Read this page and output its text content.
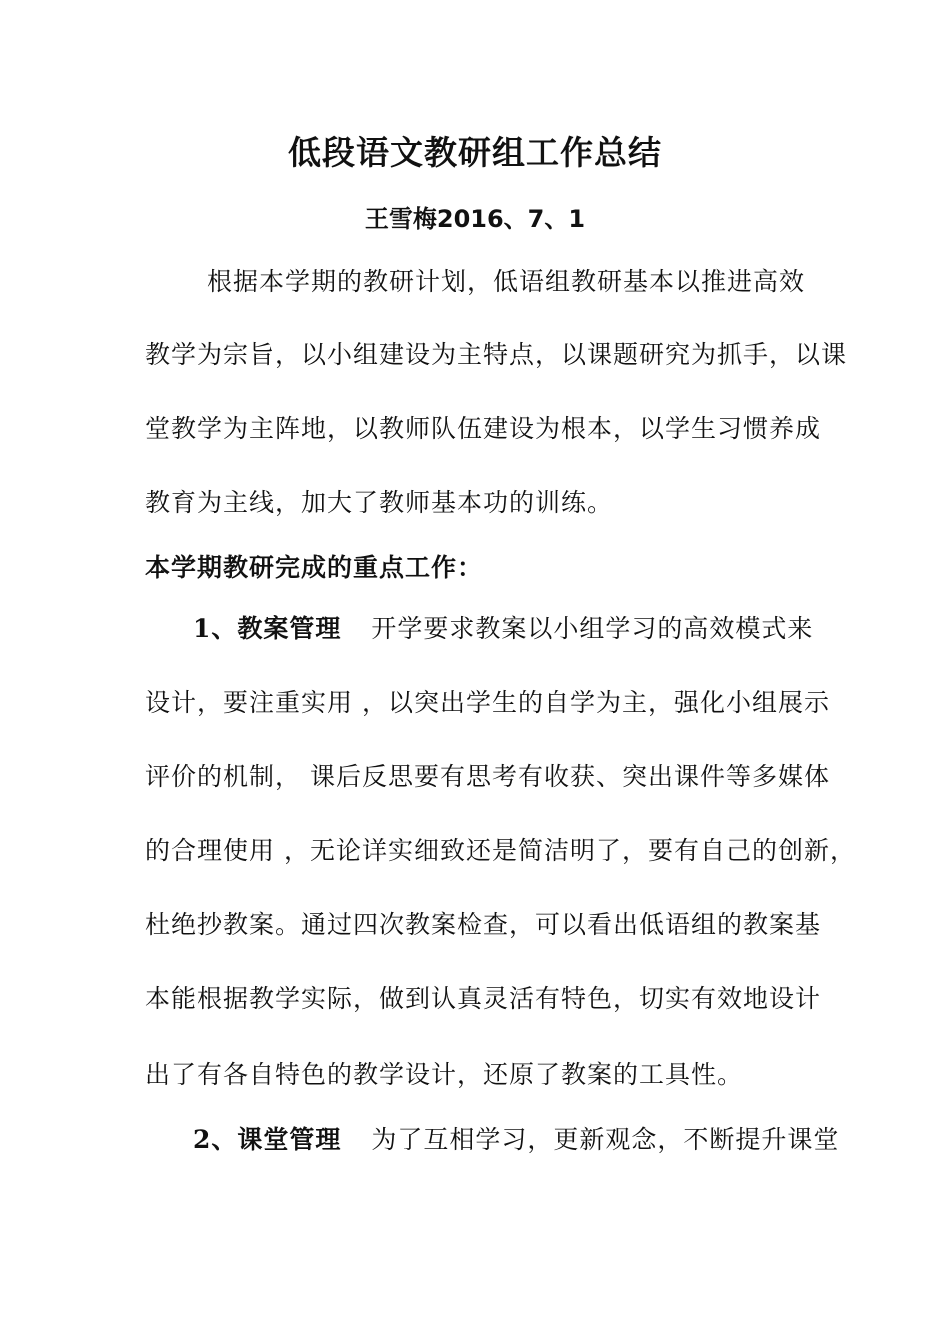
低段语文教研组工作总结
王雪梅2016、7、1
根据本学期的教研计划，低语组教研基本以推进高效
教学为宗旨，以小组建设为主特点，以课题研究为抓手，以课
堂教学为主阵地，以教师队伍建设为根本，以学生习惯养成
教育为主线，加大了教师基本功的训练。
本学期教研完成的重点工作：
1、教案管理 开学要求教案以小组学习的高效模式来
设计，要注重实用 ，以突出学生的自学为主，强化小组展示
评价的机制， 课后反思要有思考有收获、突出课件等多媒体
的合理使用 ，无论详实细致还是简洁明了，要有自己的创新，
杜绝抄教案。通过四次教案检查，可以看出低语组的教案基
本能根据教学实际，做到认真灵活有特色，切实有效地设计
出了有各自特色的教学设计，还原了教案的工具性。
2、课堂管理 为了互相学习，更新观念，不断提升课堂
